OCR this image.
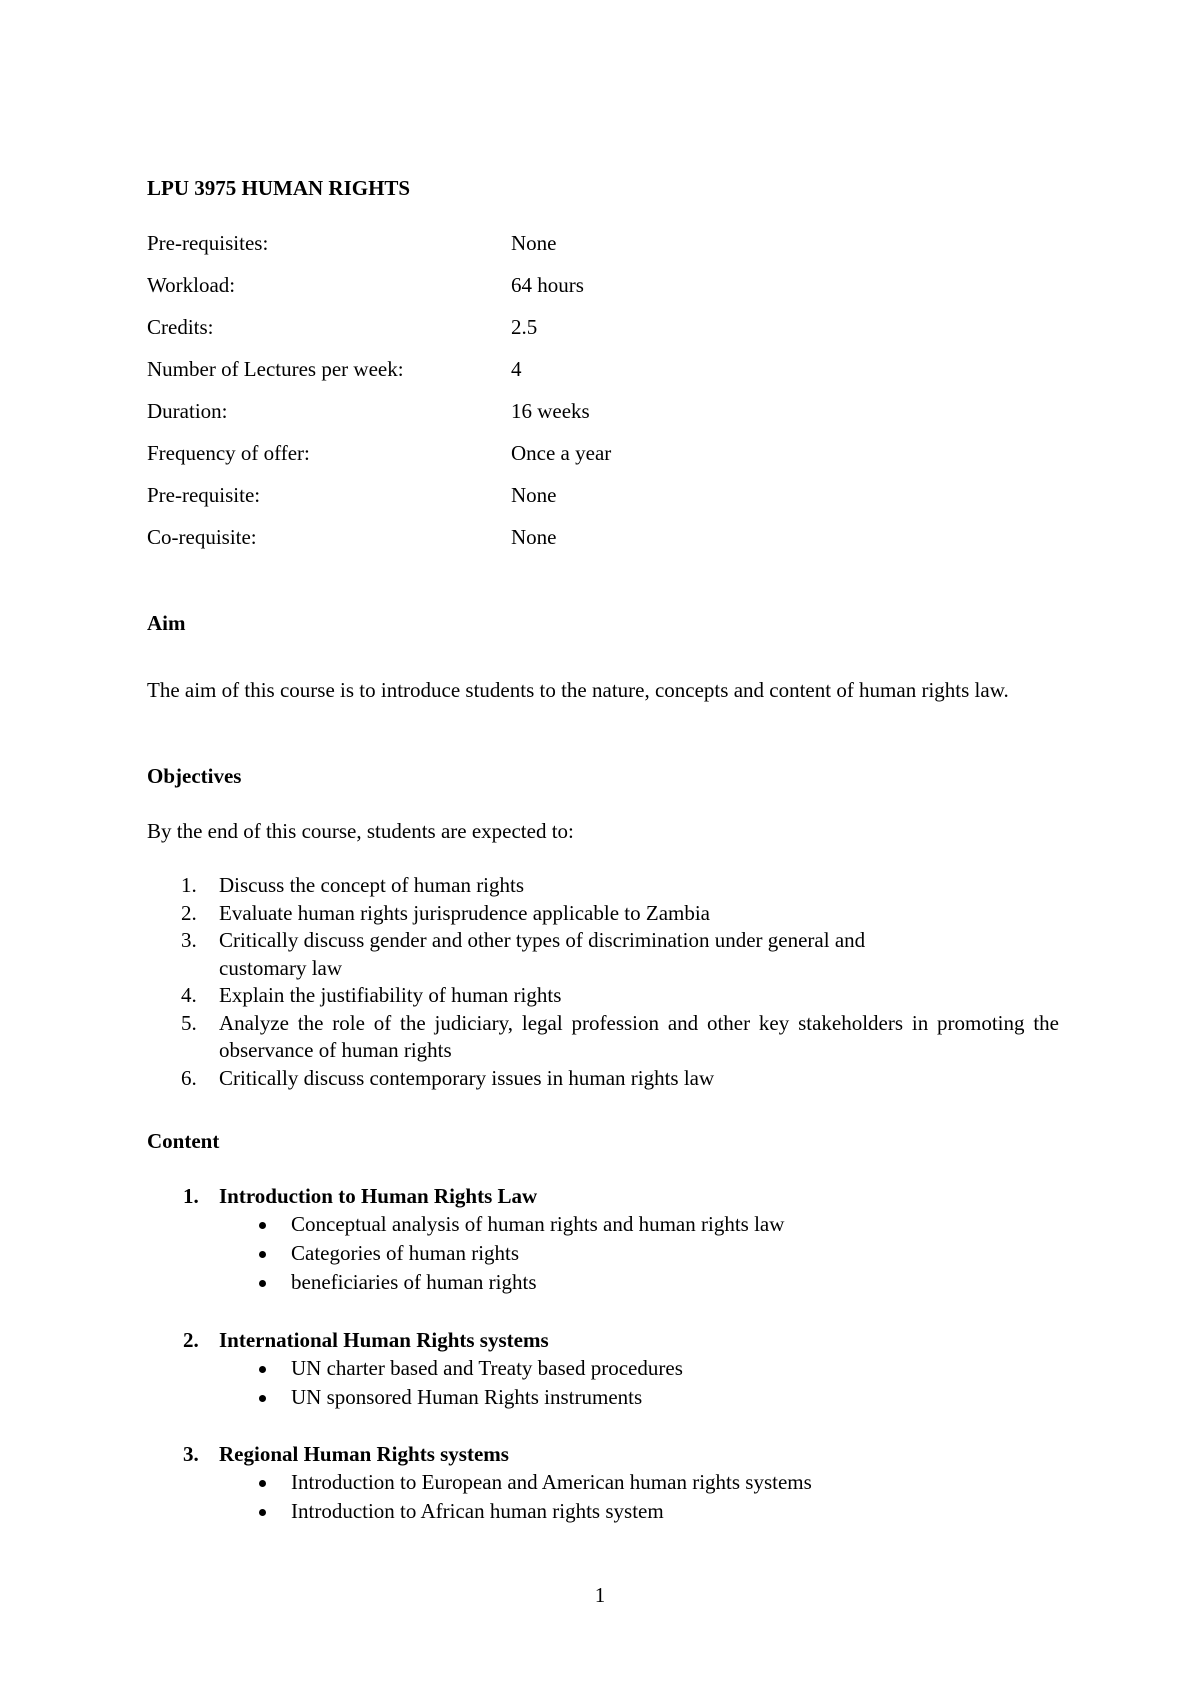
LPU 3975 HUMAN RIGHTS
Pre-requisites:	None
Workload:	64 hours
Credits:	2.5
Number of Lectures per week:	4
Duration:	16 weeks
Frequency of offer:	Once a year
Pre-requisite:	None
Co-requisite:	None
Aim
The aim of this course is to introduce students to the nature, concepts and content of human rights law.
Objectives
By the end of this course, students are expected to:
1. Discuss the concept of human rights
2. Evaluate human rights jurisprudence applicable to Zambia
3. Critically discuss gender and other types of discrimination under general and customary law
4. Explain the justifiability of human rights
5. Analyze the role of the judiciary, legal profession and other key stakeholders in promoting the observance of human rights
6. Critically discuss contemporary issues in human rights law
Content
1. Introduction to Human Rights Law
Conceptual analysis of human rights and human rights law
Categories of human rights
beneficiaries of human rights
2. International Human Rights systems
UN charter based and Treaty based procedures
UN sponsored Human Rights instruments
3. Regional Human Rights systems
Introduction to European and American human rights systems
Introduction to African human rights system
1
